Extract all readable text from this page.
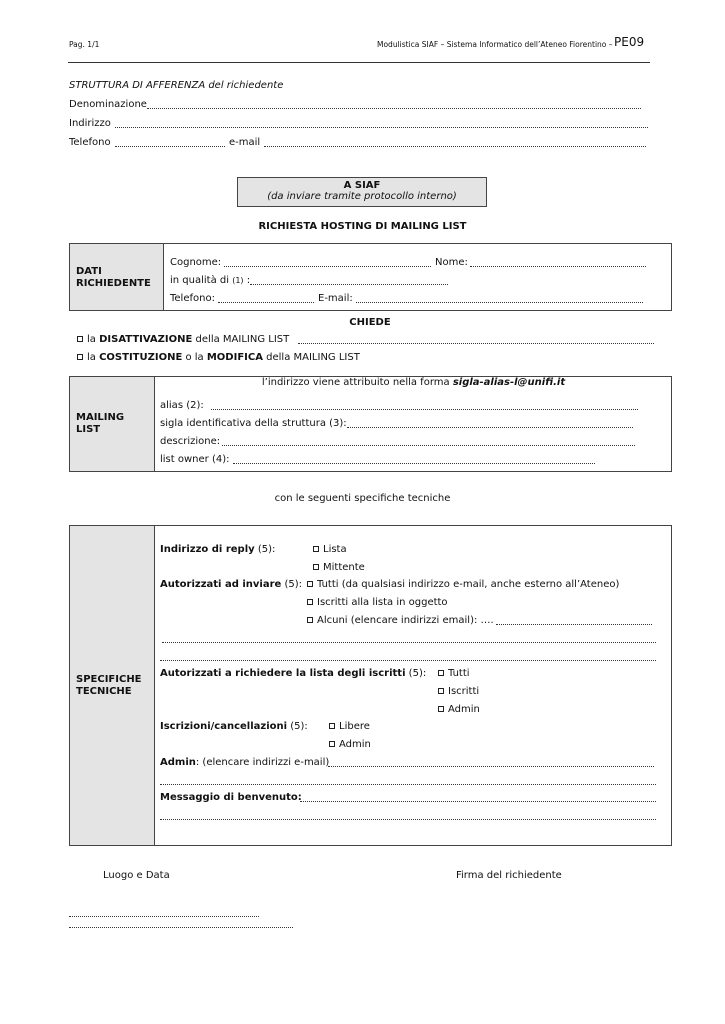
Pag. 1/1	Modulistica SIAF – Sistema Informatico dell’Ateneo Fiorentino – PE09
STRUTTURA DI AFFERENZA del richiedente
Denominazione
Indirizzo
Telefono	e-mail
A SIAF
(da inviare tramite protocollo interno)
RICHIESTA HOSTING DI MAILING LIST
DATI RICHIEDENTE
Cognome:	Nome:
in qualità di (1) :
Telefono:	E-mail:
CHIEDE
la DISATTIVAZIONE della MAILING LIST
la COSTITUZIONE o la MODIFICA della MAILING LIST
MAILING LIST
l’indirizzo viene attribuito nella forma sigla-alias-l@unifi.it
alias (2):
sigla identificativa della struttura (3):
descrizione:
list owner (4):
con le seguenti specifiche tecniche
SPECIFICHE TECNICHE
Indirizzo di reply (5):	Lista
Mittente
Autorizzati ad inviare (5):	Tutti (da qualsiasi indirizzo e-mail, anche esterno all’Ateneo)
Iscritti alla lista in oggetto
Alcuni (elencare indirizzi email): ….
Autorizzati a richiedere la lista degli iscritti (5):	Tutti
Iscritti
Admin
Iscrizioni/cancellazioni (5):	Libere
Admin
Admin: (elencare indirizzi e-mail)
Messaggio di benvenuto:
Luogo e Data	Firma del richiedente
